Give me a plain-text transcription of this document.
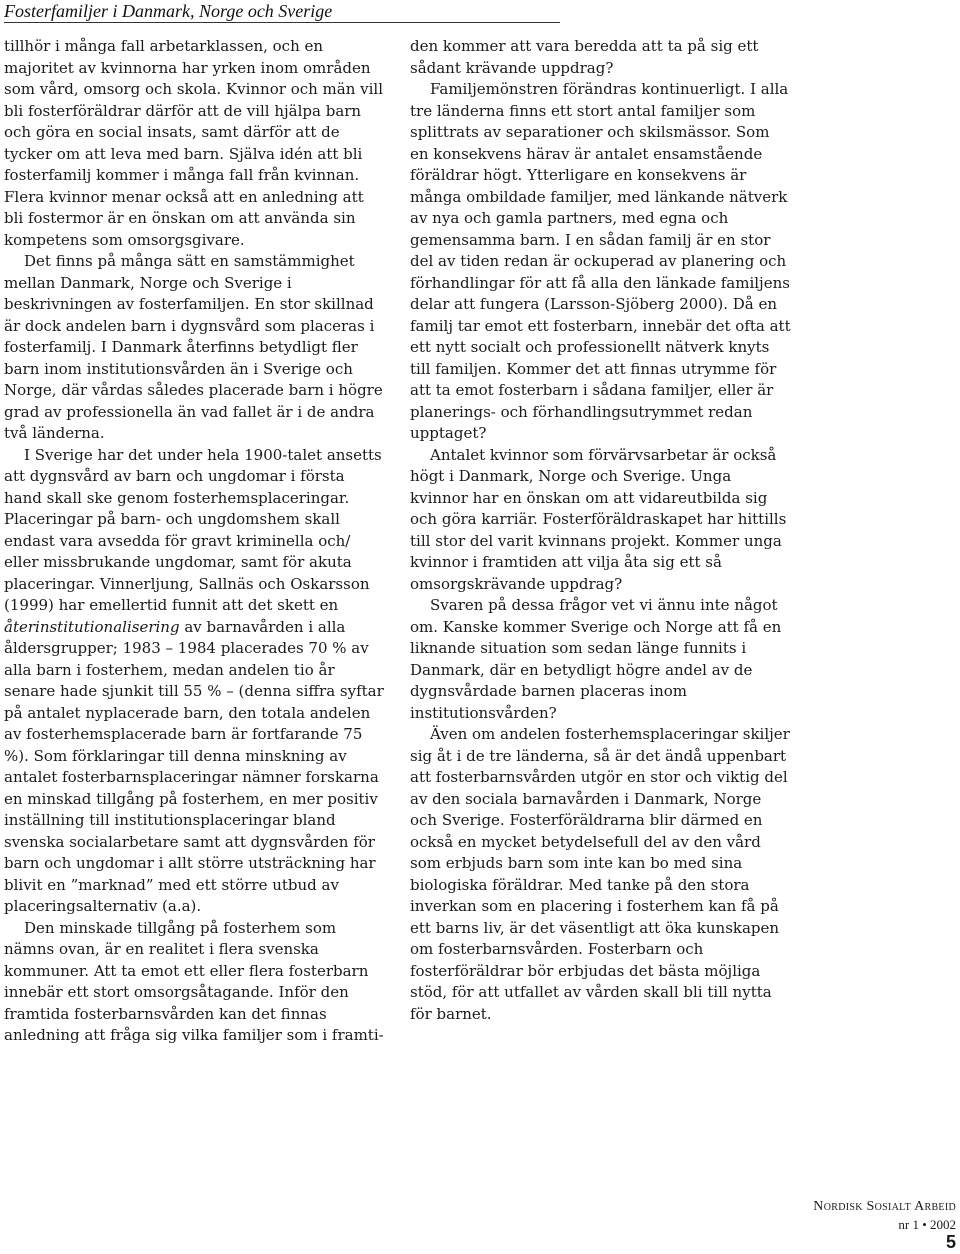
Fosterfamiljer i Danmark, Norge och Sverige

tillhör i många fall arbetarklassen, och en majoritet av kvinnorna har yrken inom områden som vård, omsorg och skola. Kvinnor och män vill bli fosterföräldrar därför att de vill hjälpa barn och göra en social insats, samt därför att de tycker om att leva med barn. Själva idén att bli fosterfamilj kommer i många fall från kvinnan. Flera kvinnor menar också att en anledning att bli fostermor är en önskan om att använda sin kompetens som omsorgsgivare.

Det finns på många sätt en samstämmighet mellan Danmark, Norge och Sverige i beskrivningen av fosterfamiljen. En stor skillnad är dock andelen barn i dygnsvård som placeras i fosterfamilj. I Danmark återfinns betydligt fler barn inom institutionsvården än i Sverige och Norge, där vårdas således placerade barn i högre grad av professionella än vad fallet är i de andra två länderna.

I Sverige har det under hela 1900-talet ansetts att dygnsvård av barn och ungdomar i första hand skall ske genom fosterhemsplaceringar. Placeringar på barn- och ungdomshem skall endast vara avsedda för gravt kriminella och/ eller missbrukande ungdomar, samt för akuta placeringar. Vinnerljung, Sallnäs och Oskarsson (1999) har emellertid funnit att det skett en återinstitutionalisering av barnavården i alla åldersgrupper; 1983 – 1984 placerades 70 % av alla barn i fosterhem, medan andelen tio år senare hade sjunkit till 55 % – (denna siffra syftar på antalet nyplacerade barn, den totala andelen av fosterhemsplacerade barn är fortfarande 75 %). Som förklaringar till denna minskning av antalet fosterbarnsplaceringar nämner forskarna en minskad tillgång på fosterhem, en mer positiv inställning till institutionsplaceringar bland svenska socialarbetare samt att dygnsvården för barn och ungdomar i allt större utsträckning har blivit en ”marknad” med ett större utbud av placeringsalternativ (a.a).

Den minskade tillgång på fosterhem som nämns ovan, är en realitet i flera svenska kommuner. Att ta emot ett eller flera fosterbarn innebär ett stort omsorgsåtagande. Inför den framtida fosterbarnsvården kan det finnas anledning att fråga sig vilka familjer som i framti-

den kommer att vara beredda att ta på sig ett sådant krävande uppdrag?

Familjemönstren förändras kontinuerligt. I alla tre länderna finns ett stort antal familjer som splittrats av separationer och skilsmässor. Som en konsekvens härav är antalet ensamstående föräldrar högt. Ytterligare en konsekvens är många ombildade familjer, med länkande nätverk av nya och gamla partners, med egna och gemensamma barn. I en sådan familj är en stor del av tiden redan är ockuperad av planering och förhandlingar för att få alla den länkade familjens delar att fungera (Larsson-Sjöberg 2000). Då en familj tar emot ett fosterbarn, innebär det ofta att ett nytt socialt och professionellt nätverk knyts till familjen. Kommer det att finnas utrymme för att ta emot fosterbarn i sådana familjer, eller är planerings- och förhandlingsutrymmet redan upptaget?

Antalet kvinnor som förvärvsarbetar är också högt i Danmark, Norge och Sverige. Unga kvinnor har en önskan om att vidareutbilda sig och göra karriär. Fosterföräldraskapet har hittills till stor del varit kvinnans projekt. Kommer unga kvinnor i framtiden att vilja åta sig ett så omsorgskrävande uppdrag?

Svaren på dessa frågor vet vi ännu inte något om. Kanske kommer Sverige och Norge att få en liknande situation som sedan länge funnits i Danmark, där en betydligt högre andel av de dygnsvårdade barnen placeras inom institutionsvården?

Även om andelen fosterhemsplaceringar skiljer sig åt i de tre länderna, så är det ändå uppenbart att fosterbarnsvården utgör en stor och viktig del av den sociala barnavården i Danmark, Norge och Sverige. Fosterföräldrarna blir därmed en också en mycket betydelsefull del av den vård som erbjuds barn som inte kan bo med sina biologiska föräldrar. Med tanke på den stora inverkan som en placering i fosterhem kan få på ett barns liv, är det väsentligt att öka kunskapen om fosterbarnsvården. Fosterbarn och fosterföräldrar bör erbjudas det bästa möjliga stöd, för att utfallet av vården skall bli till nytta för barnet.

Nordisk Sosialt Arbeid
nr 1 • 2002
5
